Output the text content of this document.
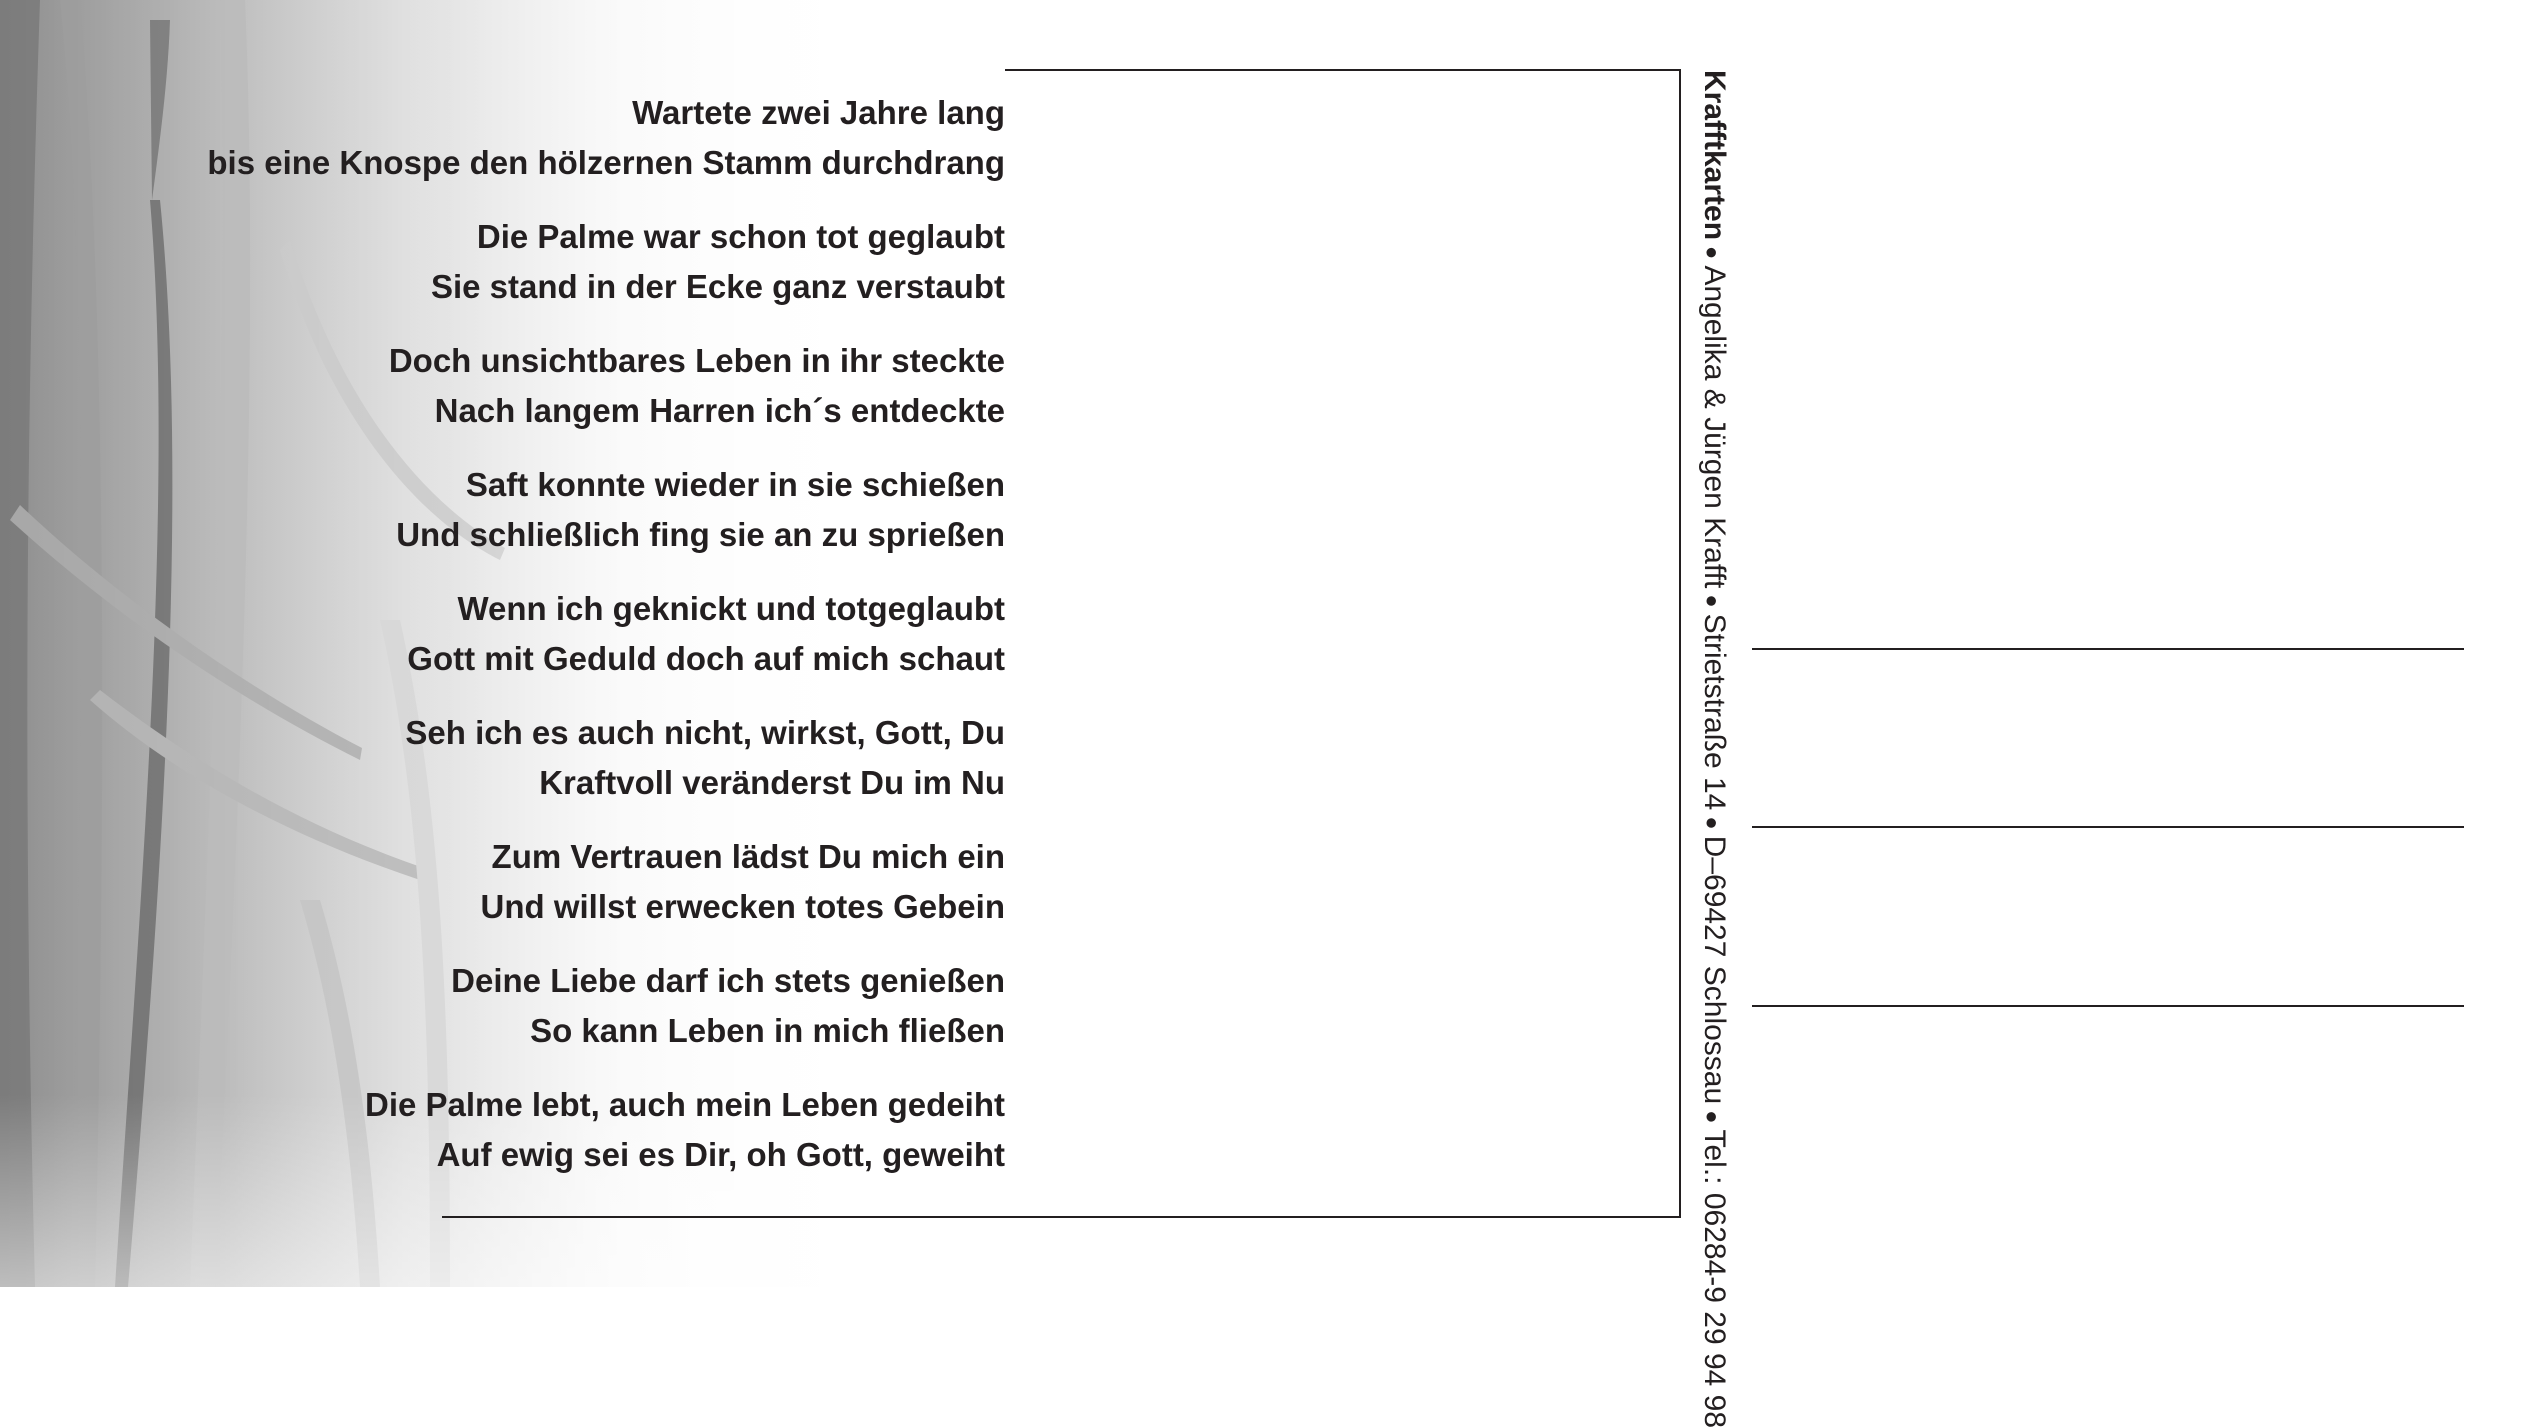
Wartete zwei Jahre lang
bis eine Knospe den hölzernen Stamm durchdrang
Die Palme war schon tot geglaubt
Sie stand in der Ecke ganz verstaubt
Doch unsichtbares Leben in ihr steckte
Nach langem Harren ich´s entdeckte
Saft konnte wieder in sie schießen
Und schließlich fing sie an zu sprießen
Wenn ich geknickt und totgeglaubt
Gott mit Geduld doch auf mich schaut
Seh ich es auch nicht, wirkst, Gott, Du
Kraftvoll veränderst Du im Nu
Zum Vertrauen lädst Du mich ein
Und willst erwecken totes Gebein
Deine Liebe darf ich stets genießen
So kann Leben in mich fließen
Die Palme lebt, auch mein Leben gedeiht
Auf ewig sei es Dir, oh Gott, geweiht
Krafftkarten●Angelika & Jürgen Krafft●Strietstraße 14●D–69427 Schlossau●Tel.: 06284-9 29 94 98
